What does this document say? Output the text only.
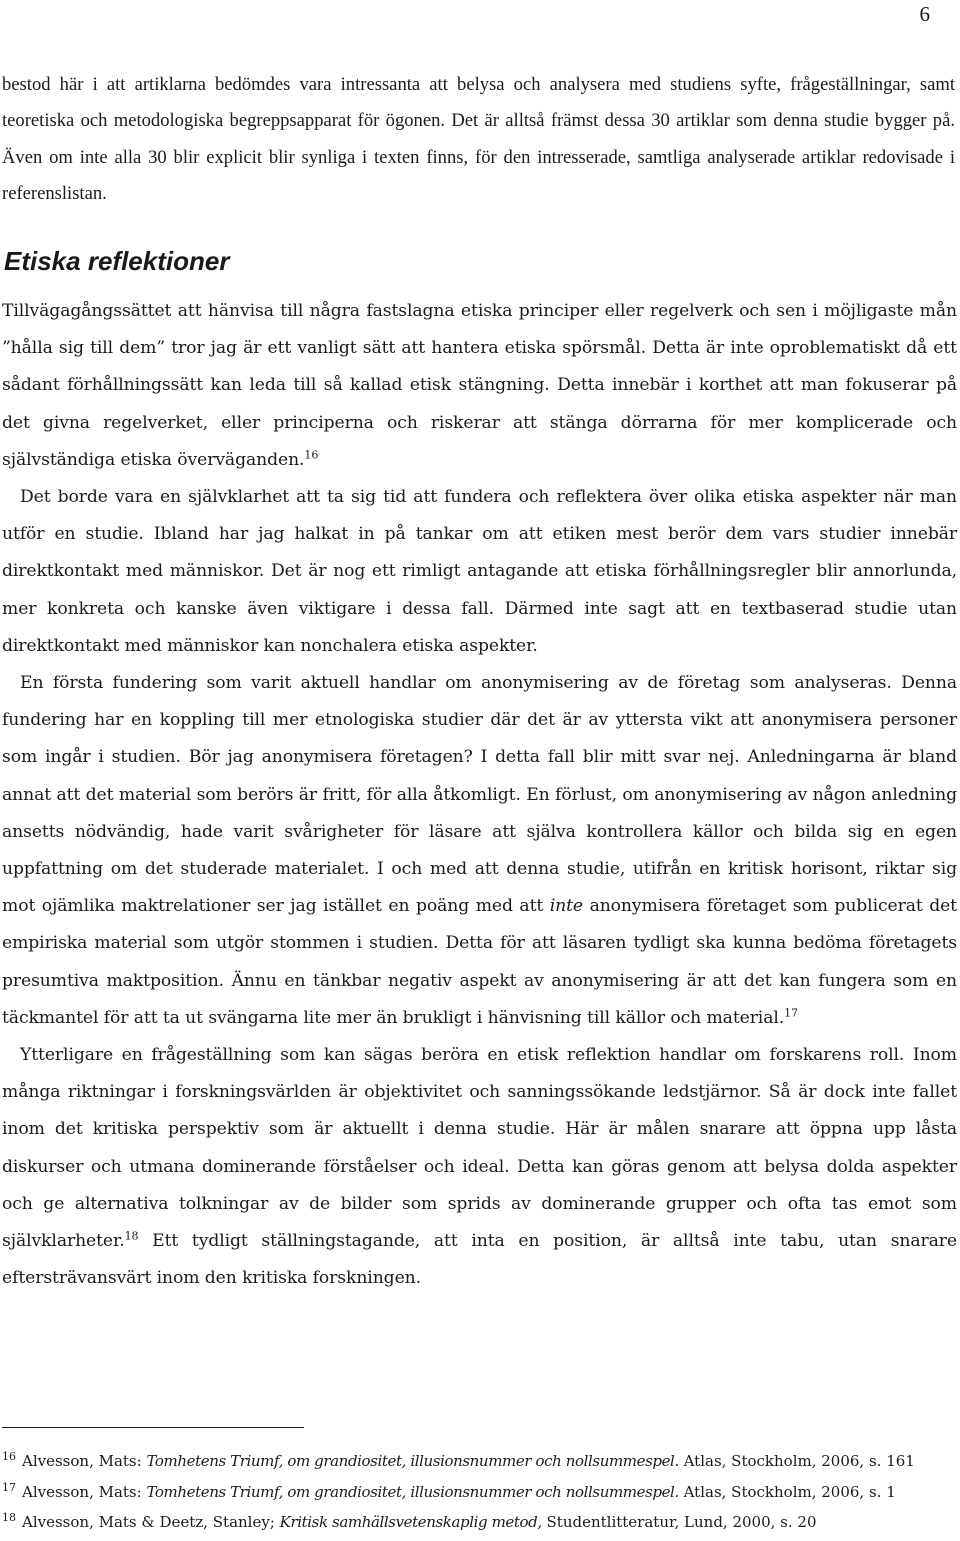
6

bestod här i att artiklarna bedömdes vara intressanta att belysa och analysera med studiens syfte, frågeställningar, samt teoretiska och metodologiska begreppsapparat för ögonen. Det är alltså främst dessa 30 artiklar som denna studie bygger på. Även om inte alla 30 blir explicit blir synliga i texten finns, för den intresserade, samtliga analyserade artiklar redovisade i referenslistan.

Etiska reflektioner

Tillvägagångssättet att hänvisa till några fastslagna etiska principer eller regelverk och sen i möjligaste mån ”hålla sig till dem” tror jag är ett vanligt sätt att hantera etiska spörsmål. Detta är inte oproblematiskt då ett sådant förhållningssätt kan leda till så kallad etisk stängning. Detta innebär i korthet att man fokuserar på det givna regelverket, eller principerna och riskerar att stänga dörrarna för mer komplicerade och självständiga etiska överväganden.$^{16}$

Det borde vara en självklarhet att ta sig tid att fundera och reflektera över olika etiska aspekter när man utför en studie. Ibland har jag halkat in på tankar om att etiken mest berör dem vars studier innebär direktkontakt med människor. Det är nog ett rimligt antagande att etiska förhållningsregler blir annorlunda, mer konkreta och kanske även viktigare i dessa fall. Därmed inte sagt att en textbaserad studie utan direktkontakt med människor kan nonchalera etiska aspekter.

En första fundering som varit aktuell handlar om anonymisering av de företag som analyseras. Denna fundering har en koppling till mer etnologiska studier där det är av yttersta vikt att anonymisera personer som ingår i studien. Bör jag anonymisera företagen? I detta fall blir mitt svar nej. Anledningarna är bland annat att det material som berörs är fritt, för alla åtkomligt. En förlust, om anonymisering av någon anledning ansetts nödvändig, hade varit svårigheter för läsare att själva kontrollera källor och bilda sig en egen uppfattning om det studerade materialet. I och med att denna studie, utifrån en kritisk horisont, riktar sig mot ojämlika maktrelationer ser jag istället en poäng med att inte anonymisera företaget som publicerat det empiriska material som utgör stommen i studien. Detta för att läsaren tydligt ska kunna bedöma företagets presumtiva maktposition. Ännu en tänkbar negativ aspekt av anonymisering är att det kan fungera som en täckmantel för att ta ut svängarna lite mer än brukligt i hänvisning till källor och material.$^{17}$

Ytterligare en frågeställning som kan sägas beröra en etisk reflektion handlar om forskarens roll. Inom många riktningar i forskningsvärlden är objektivitet och sanningssökande ledstjärnor. Så är dock inte fallet inom det kritiska perspektiv som är aktuellt i denna studie. Här är målen snarare att öppna upp låsta diskurser och utmana dominerande förståelser och ideal. Detta kan göras genom att belysa dolda aspekter och ge alternativa tolkningar av de bilder som sprids av dominerande grupper och ofta tas emot som självklarheter.$^{18}$ Ett tydligt ställningstagande, att inta en position, är alltså inte tabu, utan snarare eftersträvansvärt inom den kritiska forskningen.

$^{16}$ Alvesson, Mats: Tomhetens Triumf, om grandiositet, illusionsnummer och nollsummespel. Atlas, Stockholm, 2006, s. 161

$^{17}$ Alvesson, Mats: Tomhetens Triumf, om grandiositet, illusionsnummer och nollsummespel. Atlas, Stockholm, 2006, s. 1

$^{18}$ Alvesson, Mats & Deetz, Stanley; Kritisk samhällsvetenskaplig metod, Studentlitteratur, Lund, 2000, s. 20
